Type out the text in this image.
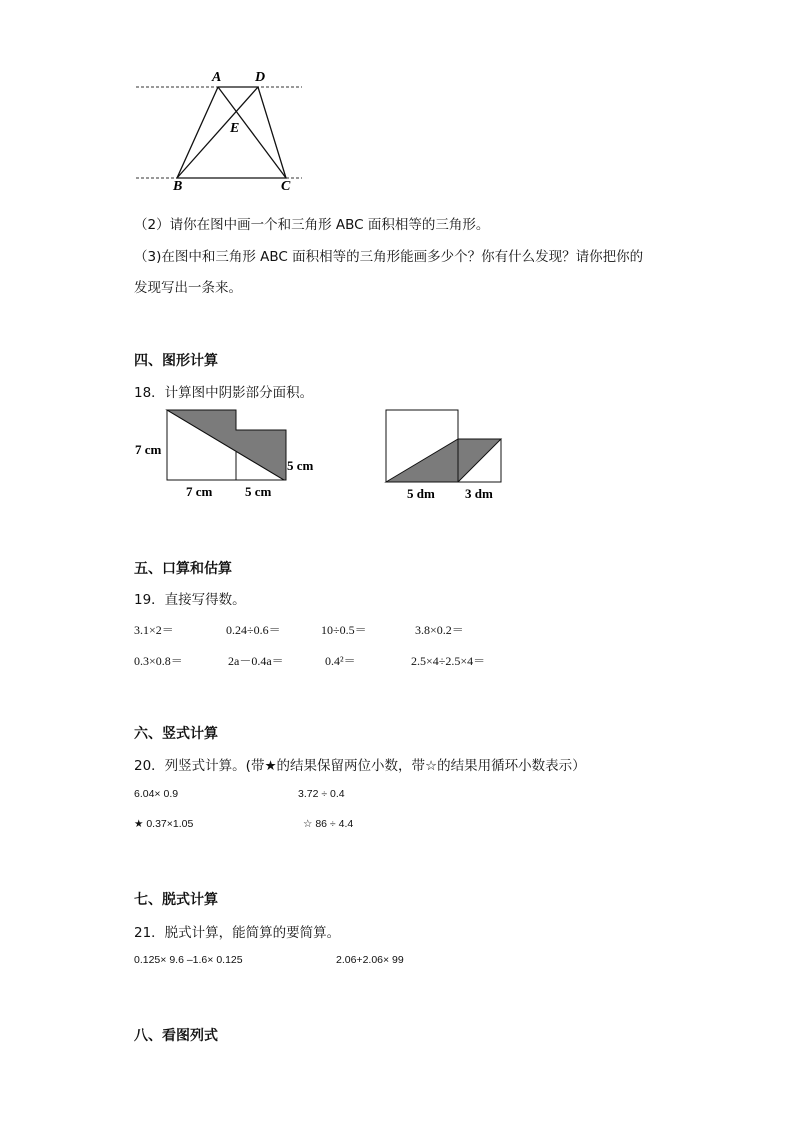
A D
E
B	C
（2）请你在图中画一个和三角形 ABC 面积相等的三角形。
（3)在图中和三角形 ABC 面积相等的三角形能画多少个？你有什么发现？请你把你的
发现写出一条来。
四、图形计算
18．计算图中阴影部分面积。
7 cm
7 cm	5 cm
5 cm
5 dm 3 dm
五、口算和估算
19．直接写得数。
3.1×2＝	0.24÷0.6＝	10÷0.5＝	3.8×0.2＝
0.3×0.8＝	2a－0.4a＝	0.4²＝	2.5×4÷2.5×4＝
六、竖式计算
20．列竖式计算。(带★的结果保留两位小数，带☆的结果用循环小数表示）
6.04× 0.9	3.72 ÷ 0.4
★ 0.37×1.05	☆ 86 ÷ 4.4
七、脱式计算
21．脱式计算，能简算的要简算。
0.125× 9.6 –1.6× 0.125	2.06+2.06× 99
八、看图列式
